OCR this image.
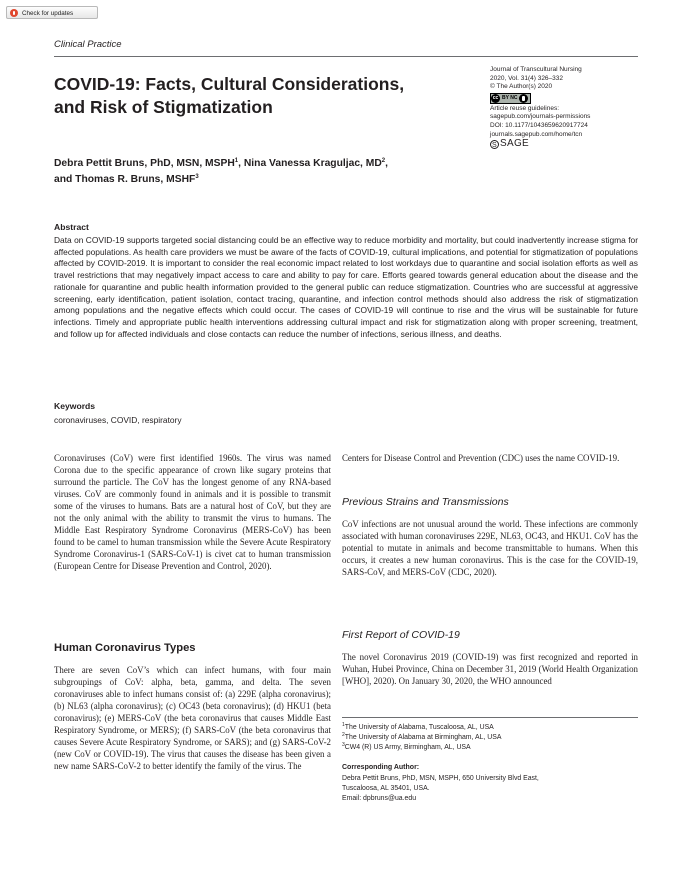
Check for updates
Clinical Practice
COVID-19: Facts, Cultural Considerations,
and Risk of Stigmatization
Journal of Transcultural Nursing
2020, Vol. 31(4) 326–332
© The Author(s) 2020
cc BY NC
Article reuse guidelines:
sagepub.com/journals-permissions
DOI: 10.1177/1043659620917724
journals.sagepub.com/home/tcn
S SAGE
Debra Pettit Bruns, PhD, MSN, MSPH$^1$, Nina Vanessa Kraguljac, $MD^2$,
and Thomas R. Bruns, MSHF$^3$
Abstract
Data on COVID-19 supports targeted social distancing could be an effective way to reduce morbidity and mortality, but could inadvertently increase stigma for affected populations. As health care providers we must be aware of the facts of COVID-19, cultural implications, and potential for stigmatization of populations affected by COVID-2019. It is important to consider the real economic impact related to lost workdays due to quarantine and social isolation efforts as well as travel restrictions that may negatively impact access to care and ability to pay for care. Efforts geared towards general education about the disease and the rationale for quarantine and public health information provided to the general public can reduce stigmatization. Countries who are successful at aggressive screening, early identification, patient isolation, contact tracing, quarantine, and infection control methods should also address the risk of stigmatization among populations and the negative effects which could occur. The cases of COVID-19 will continue to rise and the virus will be sustainable for future infections. Timely and appropriate public health interventions addressing cultural impact and risk for stigmatization along with proper screening, treatment, and follow up for affected individuals and close contacts can reduce the number of infections, serious illness, and deaths.
Keywords
coronaviruses, COVID, respiratory
Coronaviruses (CoV) were first identified 1960s. The virus was named Corona due to the specific appearance of crown like sugary proteins that surround the particle. The CoV has the longest genome of any RNA-based viruses. CoV are commonly found in animals and it is possible to transmit some of the viruses to humans. Bats are a natural host of CoV, but they are not the only animal with the ability to transmit the virus to humans. The Middle East Respiratory Syndrome Coronavirus (MERS-CoV) has been found to be camel to human transmission while the Severe Acute Respiratory Syndrome Coronavirus-1 (SARS-CoV-1) is civet cat to human transmission (European Centre for Disease Prevention and Control, 2020).
Human Coronavirus Types
There are seven CoV’s which can infect humans, with four main subgroupings of CoV: alpha, beta, gamma, and delta. The seven coronaviruses able to infect humans consist of: (a) 229E (alpha coronavirus); (b) NL63 (alpha coronavirus); (c) OC43 (beta coronavirus); (d) HKU1 (beta coronavirus); (e) MERS-CoV (the beta coronavirus that causes Middle East Respiratory Syndrome, or MERS); (f) SARS-CoV (the beta coronavirus that causes Severe Acute Respiratory Syndrome, or SARS); and (g) SARS-CoV-2 (new CoV or COVID-19). The virus that causes the disease has been given a new name SARS-CoV-2 to better identify the family of the virus. The
Centers for Disease Control and Prevention (CDC) uses the name COVID-19.
Previous Strains and Transmissions
CoV infections are not unusual around the world. These infections are commonly associated with human coronaviruses 229E, NL63, OC43, and HKU1. CoV has the potential to mutate in animals and become transmittable to humans. When this occurs, it creates a new human coronavirus. This is the case for the COVID-19, SARS-CoV, and MERS-CoV (CDC, 2020).
First Report of COVID-19
The novel Coronavirus 2019 (COVID-19) was first recognized and reported in Wuhan, Hubei Province, China on December 31, 2019 (World Health Organization [WHO], 2020). On January 30, 2020, the WHO announced
$^1$The University of Alabama, Tuscaloosa, AL, USA
$^2$The University of Alabama at Birmingham, AL, USA
$^3$CW4 (R) US Army, Birmingham, AL, USA
Corresponding Author:
Debra Pettit Bruns, PhD, MSN, MSPH, 650 University Blvd East,
Tuscaloosa, AL 35401, USA.
Email: dpbruns@ua.edu
